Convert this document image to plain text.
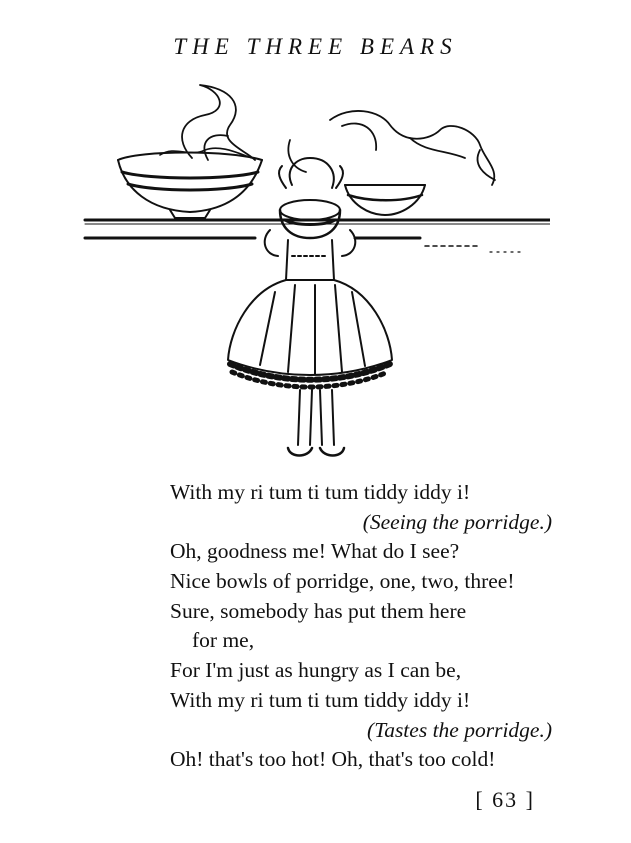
THE THREE BEARS
With my ri tum ti tum tiddy iddy i!
(Seeing the porridge.)
Oh, goodness me! What do I see?
Nice bowls of porridge, one, two, three!
Sure, somebody has put them here
for me,
For I'm just as hungry as I can be,
With my ri tum ti tum tiddy iddy i!
(Tastes the porridge.)
Oh! that's too hot! Oh, that's too cold!
[ 63 ]
